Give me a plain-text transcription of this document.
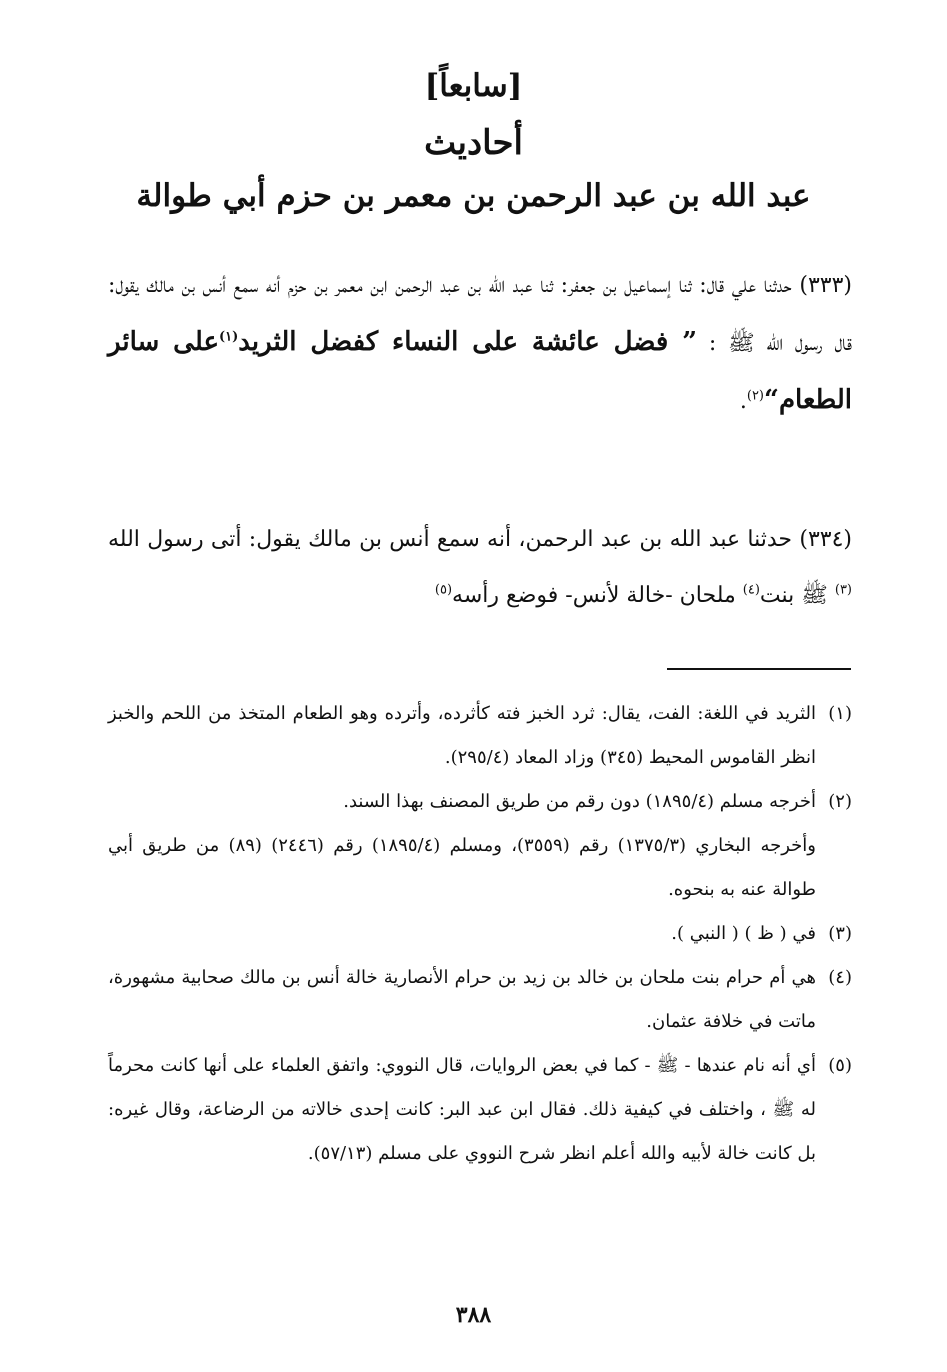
[سابعاً]
أحاديث
عبد الله بن عبد الرحمن بن معمر بن حزم أبي طوالة
(٣٣٣) حدثنا علي قال: ثنا إسماعيل بن جعفر: ثنا عبد الله بن عبد الرحمن ابن معمر بن حزم أنه سمع أنس بن مالك يقول: قال رسول الله ﷺ : ” فضل عائشة على النساء كفضل الثريد$^{(١)}$على سائر الطعام“$^{(٢)}$.
(٣٣٤) حدثنا عبد الله بن عبد الرحمن، أنه سمع أنس بن مالك يقول: أتى رسول الله $^{(٣)}$ ﷺ بنت$^{(٤)}$ ملحان -خالة لأنس- فوضع رأسه$^{(٥)}$
(١)
الثريد في اللغة: الفت، يقال: ثرد الخبز فته كأثرده، وأترده وهو الطعام المتخذ من اللحم والخبز انظر القاموس المحيط (٣٤٥) وزاد المعاد (٢٩٥/٤).
(٢)
أخرجه مسلم (١٨٩٥/٤) دون رقم من طريق المصنف بهذا السند.
وأخرجه البخاري (١٣٧٥/٣) رقم (٣٥٥٩)، ومسلم (١٨٩٥/٤) رقم (٢٤٤٦) (٨٩) من طريق أبي طوالة عنه به بنحوه.
(٣)
في ( ظ ) ( النبي ).
(٤)
هي أم حرام بنت ملحان بن خالد بن زيد بن حرام الأنصارية خالة أنس بن مالك صحابية مشهورة، ماتت في خلافة عثمان.
(٥)
أي أنه نام عندها - ﷺ - كما في بعض الروايات، قال النووي: واتفق العلماء على أنها كانت محرماً له ﷺ ، واختلف في كيفية ذلك. فقال ابن عبد البر: كانت إحدى خالاته من الرضاعة، وقال غيره: بل كانت خالة لأبيه والله أعلم انظر شرح النووي على مسلم (٥٧/١٣).
٣٨٨
